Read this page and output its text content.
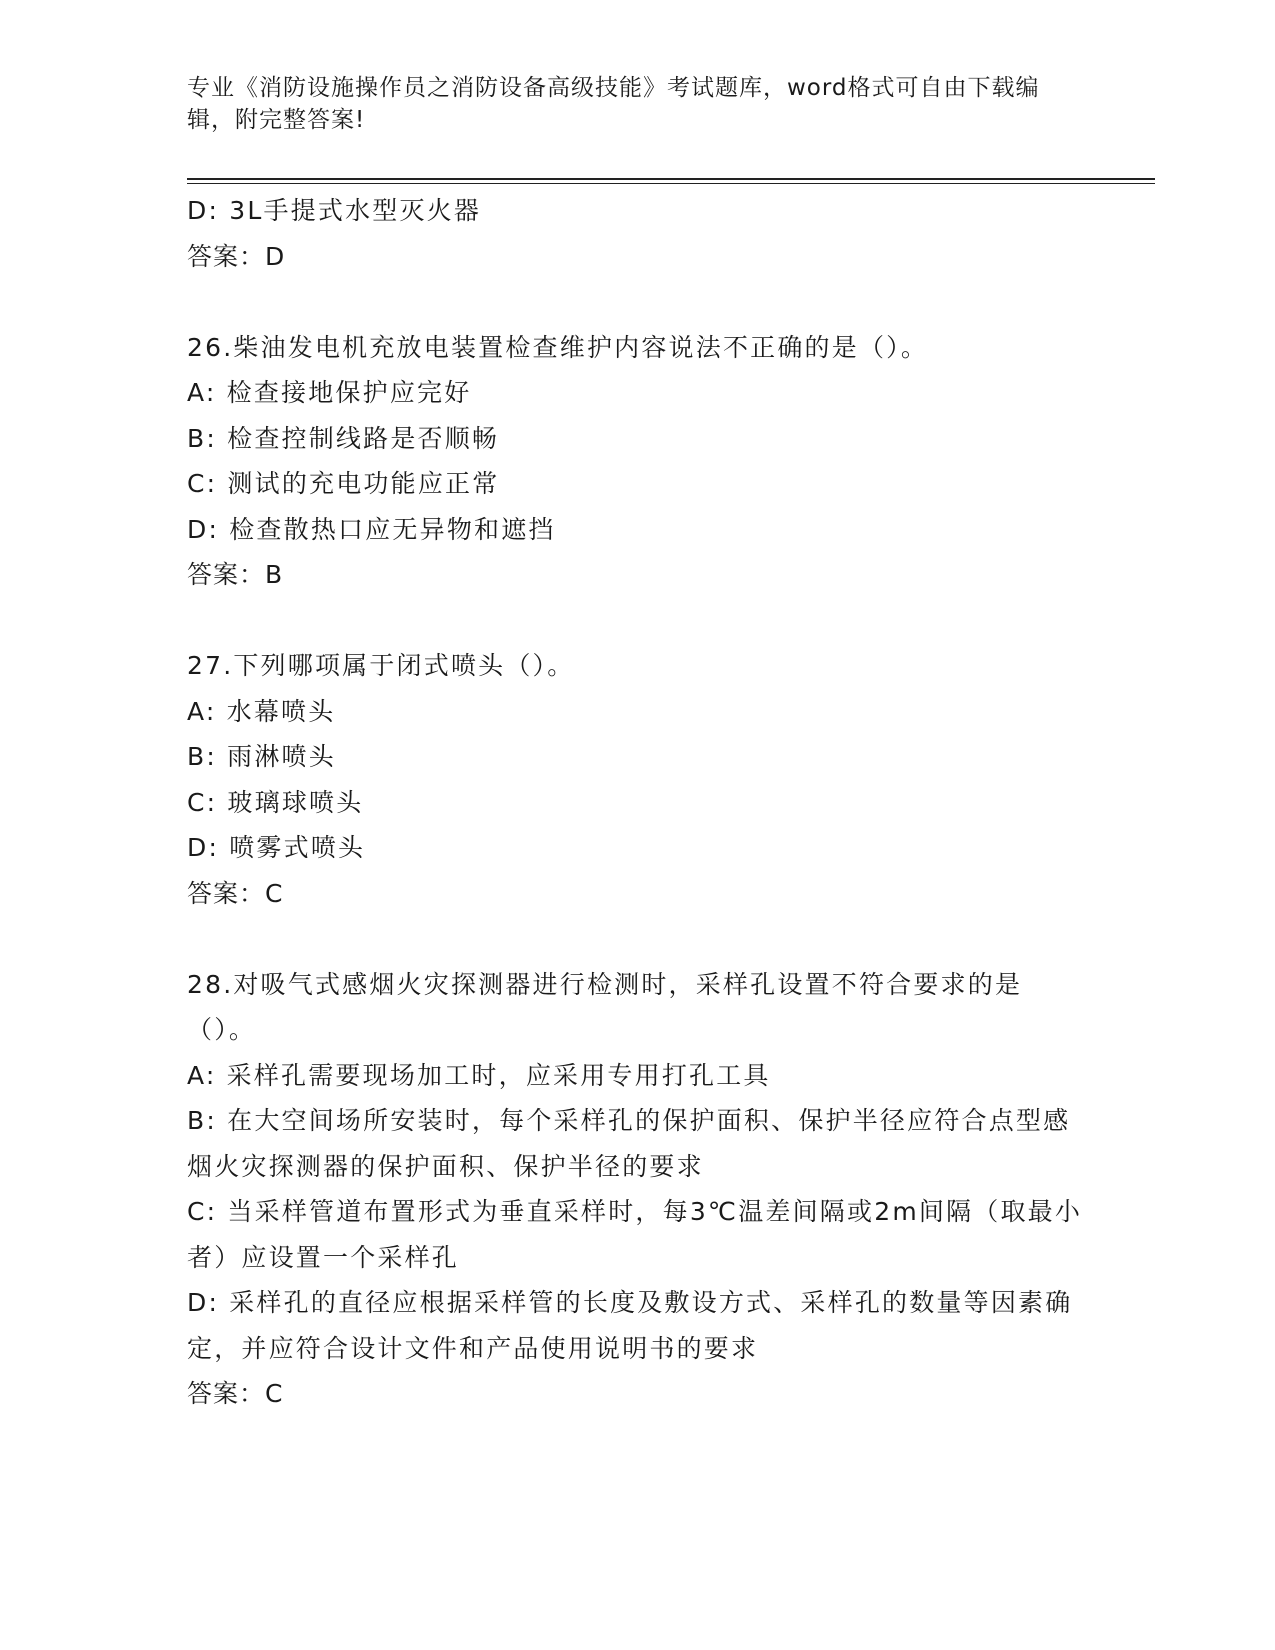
专业《消防设施操作员之消防设备高级技能》考试题库，word格式可自由下载编辑，附完整答案!
D: 3L手提式水型灭火器
答案：D
26.柴油发电机充放电装置检查维护内容说法不正确的是（）。
A: 检查接地保护应完好
B: 检查控制线路是否顺畅
C: 测试的充电功能应正常
D: 检查散热口应无异物和遮挡
答案：B
27.下列哪项属于闭式喷头（）。
A: 水幕喷头
B: 雨淋喷头
C: 玻璃球喷头
D: 喷雾式喷头
答案：C
28.对吸气式感烟火灾探测器进行检测时，采样孔设置不符合要求的是（）。
A: 采样孔需要现场加工时，应采用专用打孔工具
B: 在大空间场所安装时，每个采样孔的保护面积、保护半径应符合点型感烟火灾探测器的保护面积、保护半径的要求
C: 当采样管道布置形式为垂直采样时，每3℃温差间隔或2m间隔（取最小者）应设置一个采样孔
D: 采样孔的直径应根据采样管的长度及敷设方式、采样孔的数量等因素确定，并应符合设计文件和产品使用说明书的要求
答案：C
